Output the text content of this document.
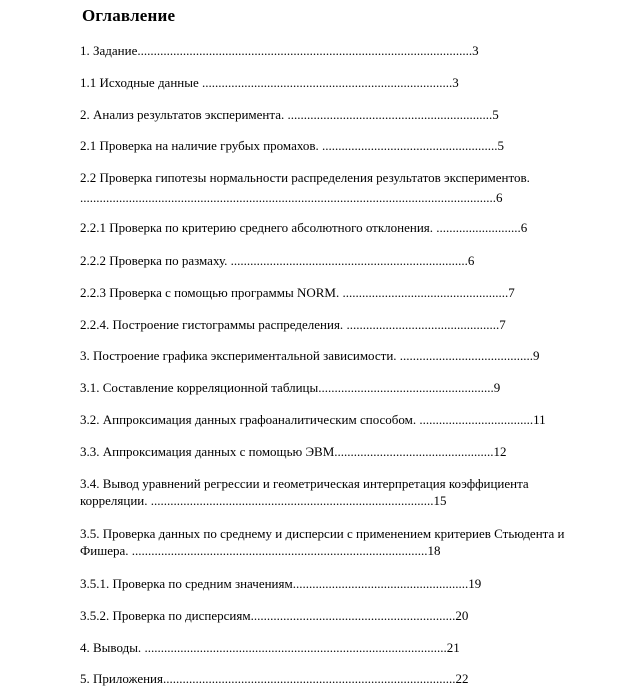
Оглавление

1. Задание.......................................................................................................3

1.1 Исходные данные .............................................................................3

2. Анализ результатов эксперимента. ...............................................................5

2.1 Проверка на наличие грубых промахов. ......................................................5

2.2 Проверка гипотезы нормальности распределения результатов экспериментов.
................................................................................................................................6

2.2.1 Проверка по критерию среднего абсолютного отклонения. ..........................6

2.2.2 Проверка по размаху. .........................................................................6

2.2.3 Проверка с помощью программы NORM. ...................................................7

2.2.4. Построение гистограммы распределения. ...............................................7

3. Построение графика экспериментальной зависимости. .........................................9

3.1. Составление корреляционной таблицы......................................................9

3.2. Аппроксимация данных графоаналитическим способом. ...................................11

3.3. Аппроксимация данных с помощью ЭВМ.................................................12

3.4. Вывод уравнений регрессии и геометрическая интерпретация коэффициента
корреляции. .......................................................................................15

3.5. Проверка данных по среднему и дисперсии с применением критериев Стьюдента и
Фишера. ...........................................................................................18

3.5.1. Проверка по средним значениям......................................................19

3.5.2. Проверка по дисперсиям...............................................................20

4. Выводы. .............................................................................................21

5. Приложения..........................................................................................22
